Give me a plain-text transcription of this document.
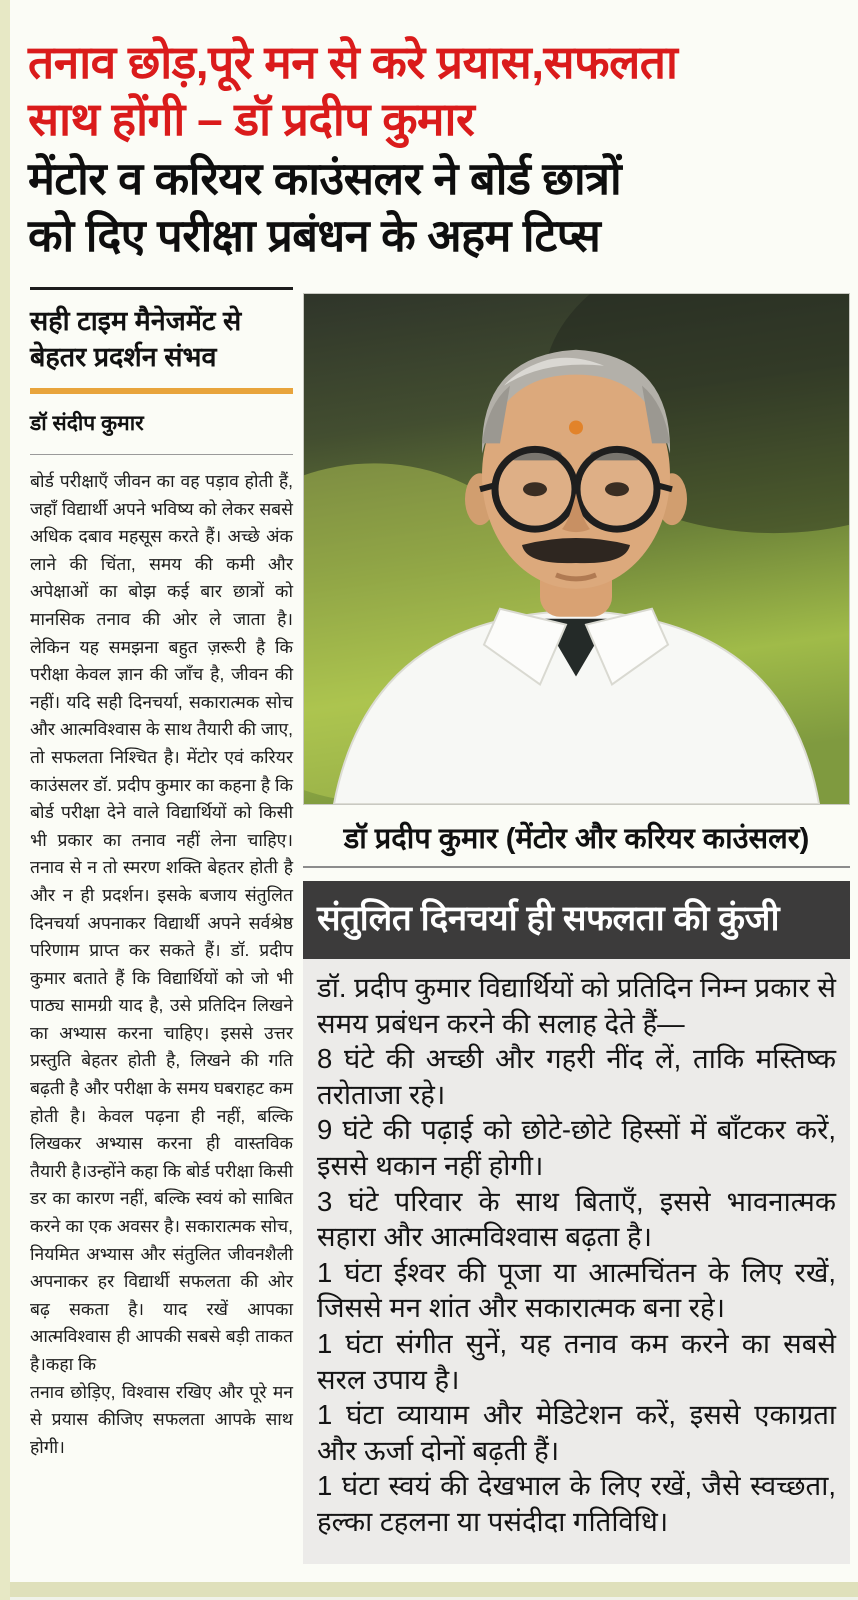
तनाव छोड़,पूरे मन से करे प्रयास,सफलता
साथ होंगी – डॉ प्रदीप कुमार
मेंटोर व करियर काउंसलर ने बोर्ड छात्रों
को दिए परीक्षा प्रबंधन के अहम टिप्स
सही टाइम मैनेजमेंट से बेहतर प्रदर्शन संभव
डॉ संदीप कुमार

बोर्ड परीक्षाएँ जीवन का वह पड़ाव होती हैं, जहाँ विद्यार्थी अपने भविष्य को लेकर सबसे अधिक दबाव महसूस करते हैं। अच्छे अंक लाने की चिंता, समय की कमी और अपेक्षाओं का बोझ कई बार छात्रों को मानसिक तनाव की ओर ले जाता है। लेकिन यह समझना बहुत ज़रूरी है कि परीक्षा केवल ज्ञान की जाँच है, जीवन की नहीं। यदि सही दिनचर्या, सकारात्मक सोच और आत्मविश्वास के साथ तैयारी की जाए, तो सफलता निश्चित है। मेंटोर एवं करियर काउंसलर डॉ. प्रदीप कुमार का कहना है कि बोर्ड परीक्षा देने वाले विद्यार्थियों को किसी भी प्रकार का तनाव नहीं लेना चाहिए। तनाव से न तो स्मरण शक्ति बेहतर होती है और न ही प्रदर्शन। इसके बजाय संतुलित दिनचर्या अपनाकर विद्यार्थी अपने सर्वश्रेष्ठ परिणाम प्राप्त कर सकते हैं। डॉ. प्रदीप कुमार बताते हैं कि विद्यार्थियों को जो भी पाठ्य सामग्री याद है, उसे प्रतिदिन लिखने का अभ्यास करना चाहिए। इससे उत्तर प्रस्तुति बेहतर होती है, लिखने की गति बढ़ती है और परीक्षा के समय घबराहट कम होती है। केवल पढ़ना ही नहीं, बल्कि लिखकर अभ्यास करना ही वास्तविक तैयारी है।उन्होंने कहा कि बोर्ड परीक्षा किसी डर का कारण नहीं, बल्कि स्वयं को साबित करने का एक अवसर है। सकारात्मक सोच, नियमित अभ्यास और संतुलित जीवनशैली अपनाकर हर विद्यार्थी सफलता की ओर बढ़ सकता है। याद रखें आपका आत्मविश्वास ही आपकी सबसे बड़ी ताकत है।कहा कि

तनाव छोड़िए, विश्वास रखिए और पूरे मन से प्रयास कीजिए सफलता आपके साथ होगी।

डॉ प्रदीप कुमार (मेंटोर और करियर काउंसलर)
संतुलित दिनचर्या ही सफलता की कुंजी

डॉ. प्रदीप कुमार विद्यार्थियों को प्रतिदिन निम्न प्रकार से समय प्रबंधन करने की सलाह देते हैं—

8 घंटे की अच्छी और गहरी नींद लें, ताकि मस्तिष्क तरोताजा रहे।

9 घंटे की पढ़ाई को छोटे-छोटे हिस्सों में बाँटकर करें, इससे थकान नहीं होगी।

3 घंटे परिवार के साथ बिताएँ, इससे भावनात्मक सहारा और आत्मविश्वास बढ़ता है।

1 घंटा ईश्वर की पूजा या आत्मचिंतन के लिए रखें, जिससे मन शांत और सकारात्मक बना रहे।

1 घंटा संगीत सुनें, यह तनाव कम करने का सबसे सरल उपाय है।

1 घंटा व्यायाम और मेडिटेशन करें, इससे एकाग्रता और ऊर्जा दोनों बढ़ती हैं।

1 घंटा स्वयं की देखभाल के लिए रखें, जैसे स्वच्छता, हल्का टहलना या पसंदीदा गतिविधि।
